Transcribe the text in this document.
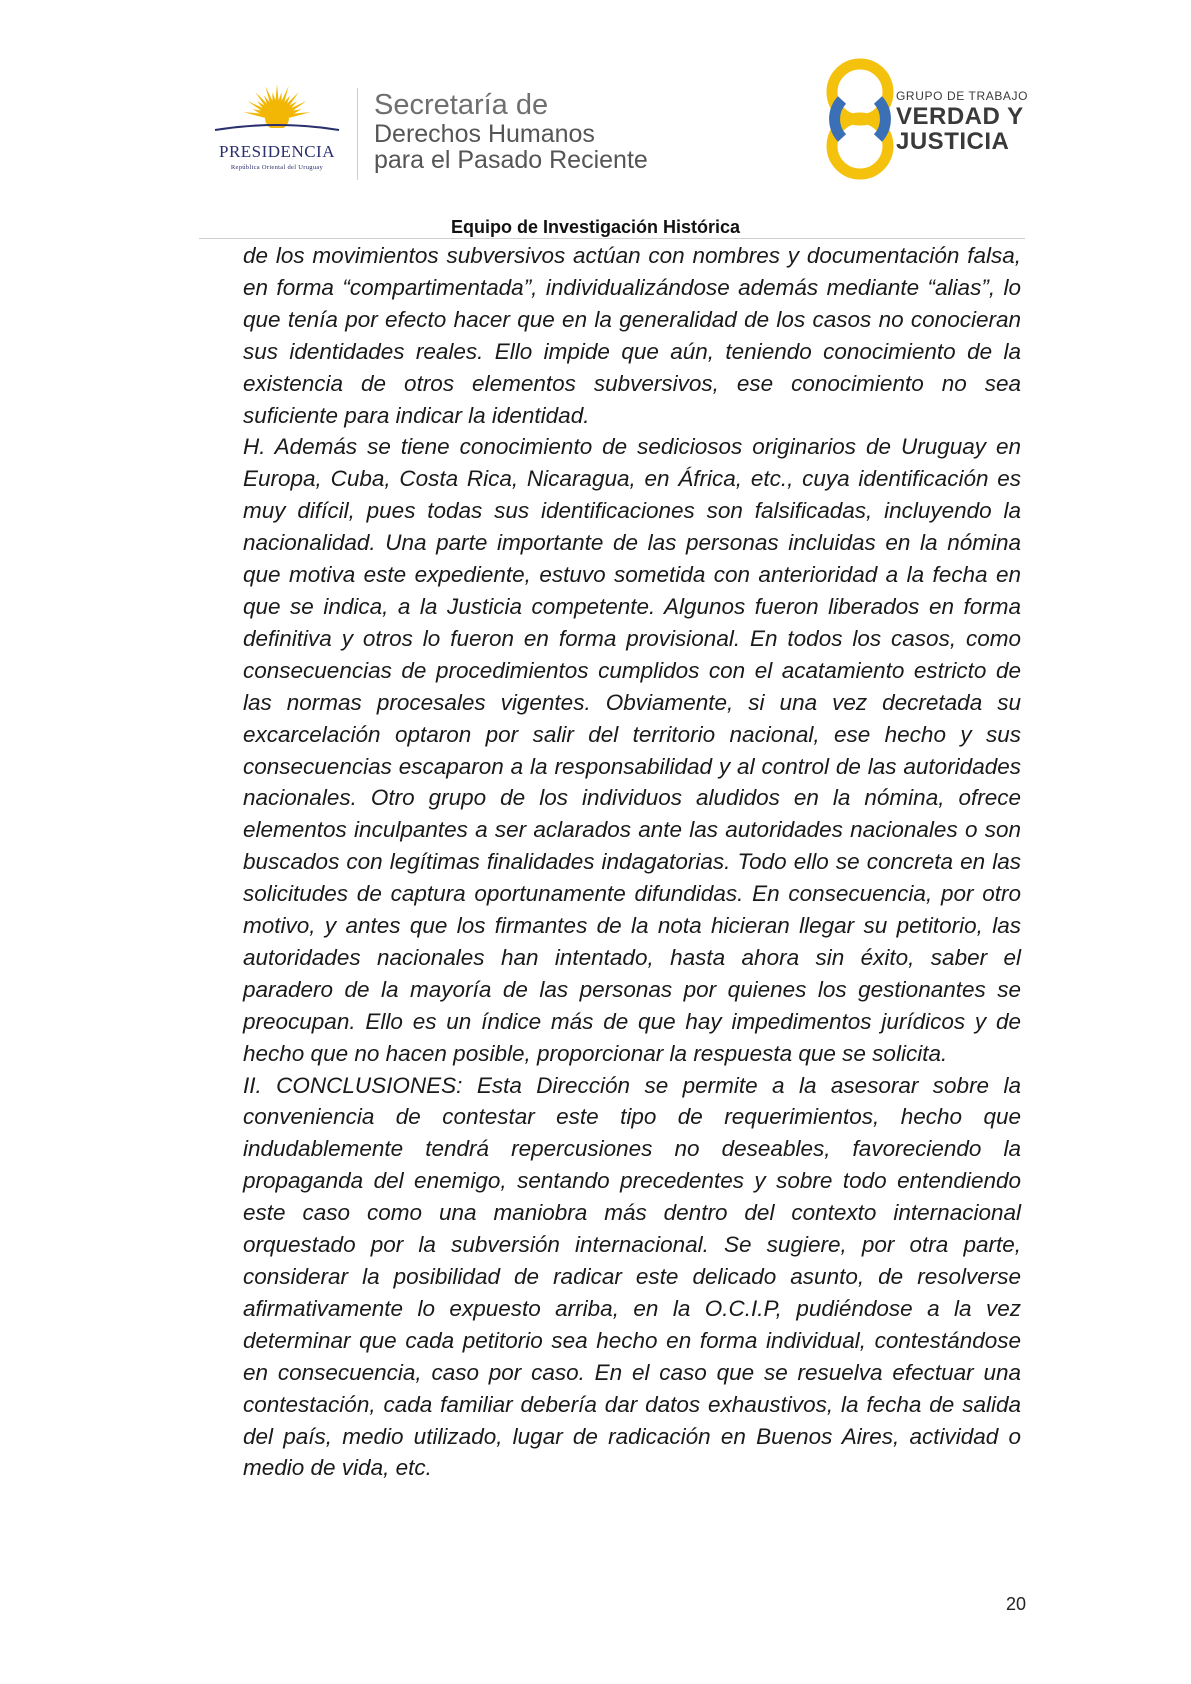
PRESIDENCIA
República Oriental del Uruguay
Secretaría de
Derechos Humanos
para el Pasado Reciente
GRUPO DE TRABAJO
VERDAD Y
JUSTICIA
Equipo de Investigación Histórica

de los movimientos subversivos actúan con nombres y documentación falsa, en forma “compartimentada”, individualizándose además mediante “alias”, lo que tenía por efecto hacer que en la generalidad de los casos no conocieran sus identidades reales. Ello impide que aún, teniendo conocimiento de la existencia de otros elementos subversivos, ese conocimiento no sea suficiente para indicar la identidad.

H. Además se tiene conocimiento de sediciosos originarios de Uruguay en Europa, Cuba, Costa Rica, Nicaragua, en África, etc., cuya identificación es muy difícil, pues todas sus identificaciones son falsificadas, incluyendo la nacionalidad. Una parte importante de las personas incluidas en la nómina que motiva este expediente, estuvo sometida con anterioridad a la fecha en que se indica, a la Justicia competente. Algunos fueron liberados en forma definitiva y otros lo fueron en forma provisional. En todos los casos, como consecuencias de procedimientos cumplidos con el acatamiento estricto de las normas procesales vigentes. Obviamente, si una vez decretada su excarcelación optaron por salir del territorio nacional, ese hecho y sus consecuencias escaparon a la responsabilidad y al control de las autoridades nacionales. Otro grupo de los individuos aludidos en la nómina, ofrece elementos inculpantes a ser aclarados ante las autoridades nacionales o son buscados con legítimas finalidades indagatorias. Todo ello se concreta en las solicitudes de captura oportunamente difundidas. En consecuencia, por otro motivo, y antes que los firmantes de la nota hicieran llegar su petitorio, las autoridades nacionales han intentado, hasta ahora sin éxito, saber el paradero de la mayoría de las personas por quienes los gestionantes se preocupan. Ello es un índice más de que hay impedimentos jurídicos y de hecho que no hacen posible, proporcionar la respuesta que se solicita.

II. CONCLUSIONES: Esta Dirección se permite a la asesorar sobre la conveniencia de contestar este tipo de requerimientos, hecho que indudablemente tendrá repercusiones no deseables, favoreciendo la propaganda del enemigo, sentando precedentes y sobre todo entendiendo este caso como una maniobra más dentro del contexto internacional orquestado por la subversión internacional. Se sugiere, por otra parte, considerar la posibilidad de radicar este delicado asunto, de resolverse afirmativamente lo expuesto arriba, en la O.C.I.P, pudiéndose a la vez determinar que cada petitorio sea hecho en forma individual, contestándose en consecuencia, caso por caso. En el caso que se resuelva efectuar una contestación, cada familiar debería dar datos exhaustivos, la fecha de salida del país, medio utilizado, lugar de radicación en Buenos Aires, actividad o medio de vida, etc.

20
